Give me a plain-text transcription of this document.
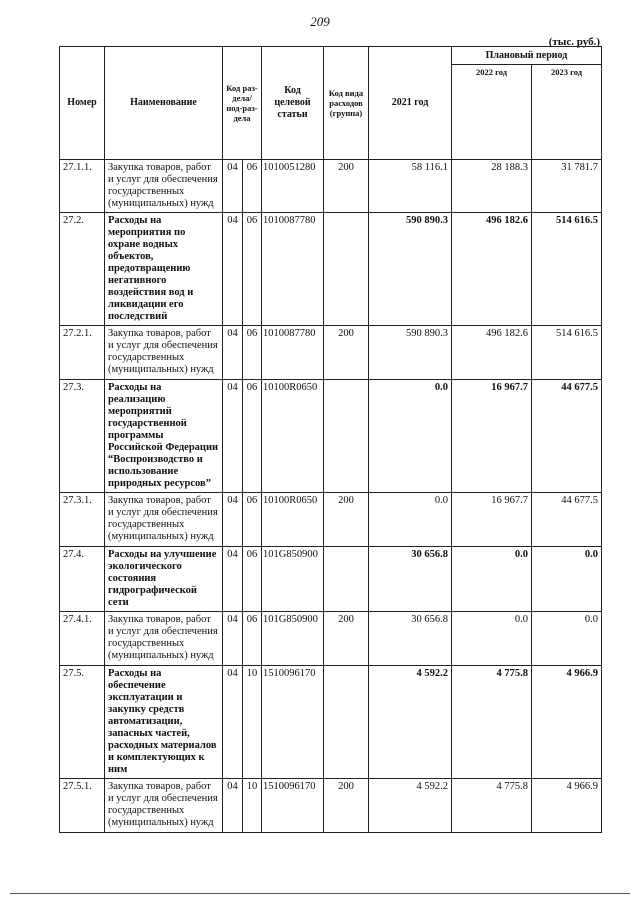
209
(тыс. руб.)
Номер	Наименование	Код раз-дела/ под-раз-дела		Код целевой статьи	Код вида расходов (группа)	2021 год	Плановый период	
							2022 год	2023 год
27.1.1.	Закупка товаров, работ и услуг для обеспечения государственных (муниципальных) нужд	04	06	1010051280	200	58 116.1	28 188.3	31 781.7
27.2.	Расходы на мероприятия по охране водных объектов, предотвращению негативного воздействия вод и ликвидации его последствий	04	06	1010087780		590 890.3	496 182.6	514 616.5
27.2.1.	Закупка товаров, работ и услуг для обеспечения государственных (муниципальных) нужд	04	06	1010087780	200	590 890.3	496 182.6	514 616.5
27.3.	Расходы на реализацию мероприятий государственной программы Российской Федерации “Воспроизводство и использование природных ресурсов”	04	06	10100R0650		0.0	16 967.7	44 677.5
27.3.1.	Закупка товаров, работ и услуг для обеспечения государственных (муниципальных) нужд	04	06	10100R0650	200	0.0	16 967.7	44 677.5
27.4.	Расходы на улучшение экологического состояния гидрографической сети	04	06	101G850900		30 656.8	0.0	0.0
27.4.1.	Закупка товаров, работ и услуг для обеспечения государственных (муниципальных) нужд	04	06	101G850900	200	30 656.8	0.0	0.0
27.5.	Расходы на обеспечение эксплуатации и закупку средств автоматизации, запасных частей, расходных материалов и комплектующих к ним	04	10	1510096170		4 592.2	4 775.8	4 966.9
27.5.1.	Закупка товаров, работ и услуг для обеспечения государственных (муниципальных) нужд	04	10	1510096170	200	4 592.2	4 775.8	4 966.9
